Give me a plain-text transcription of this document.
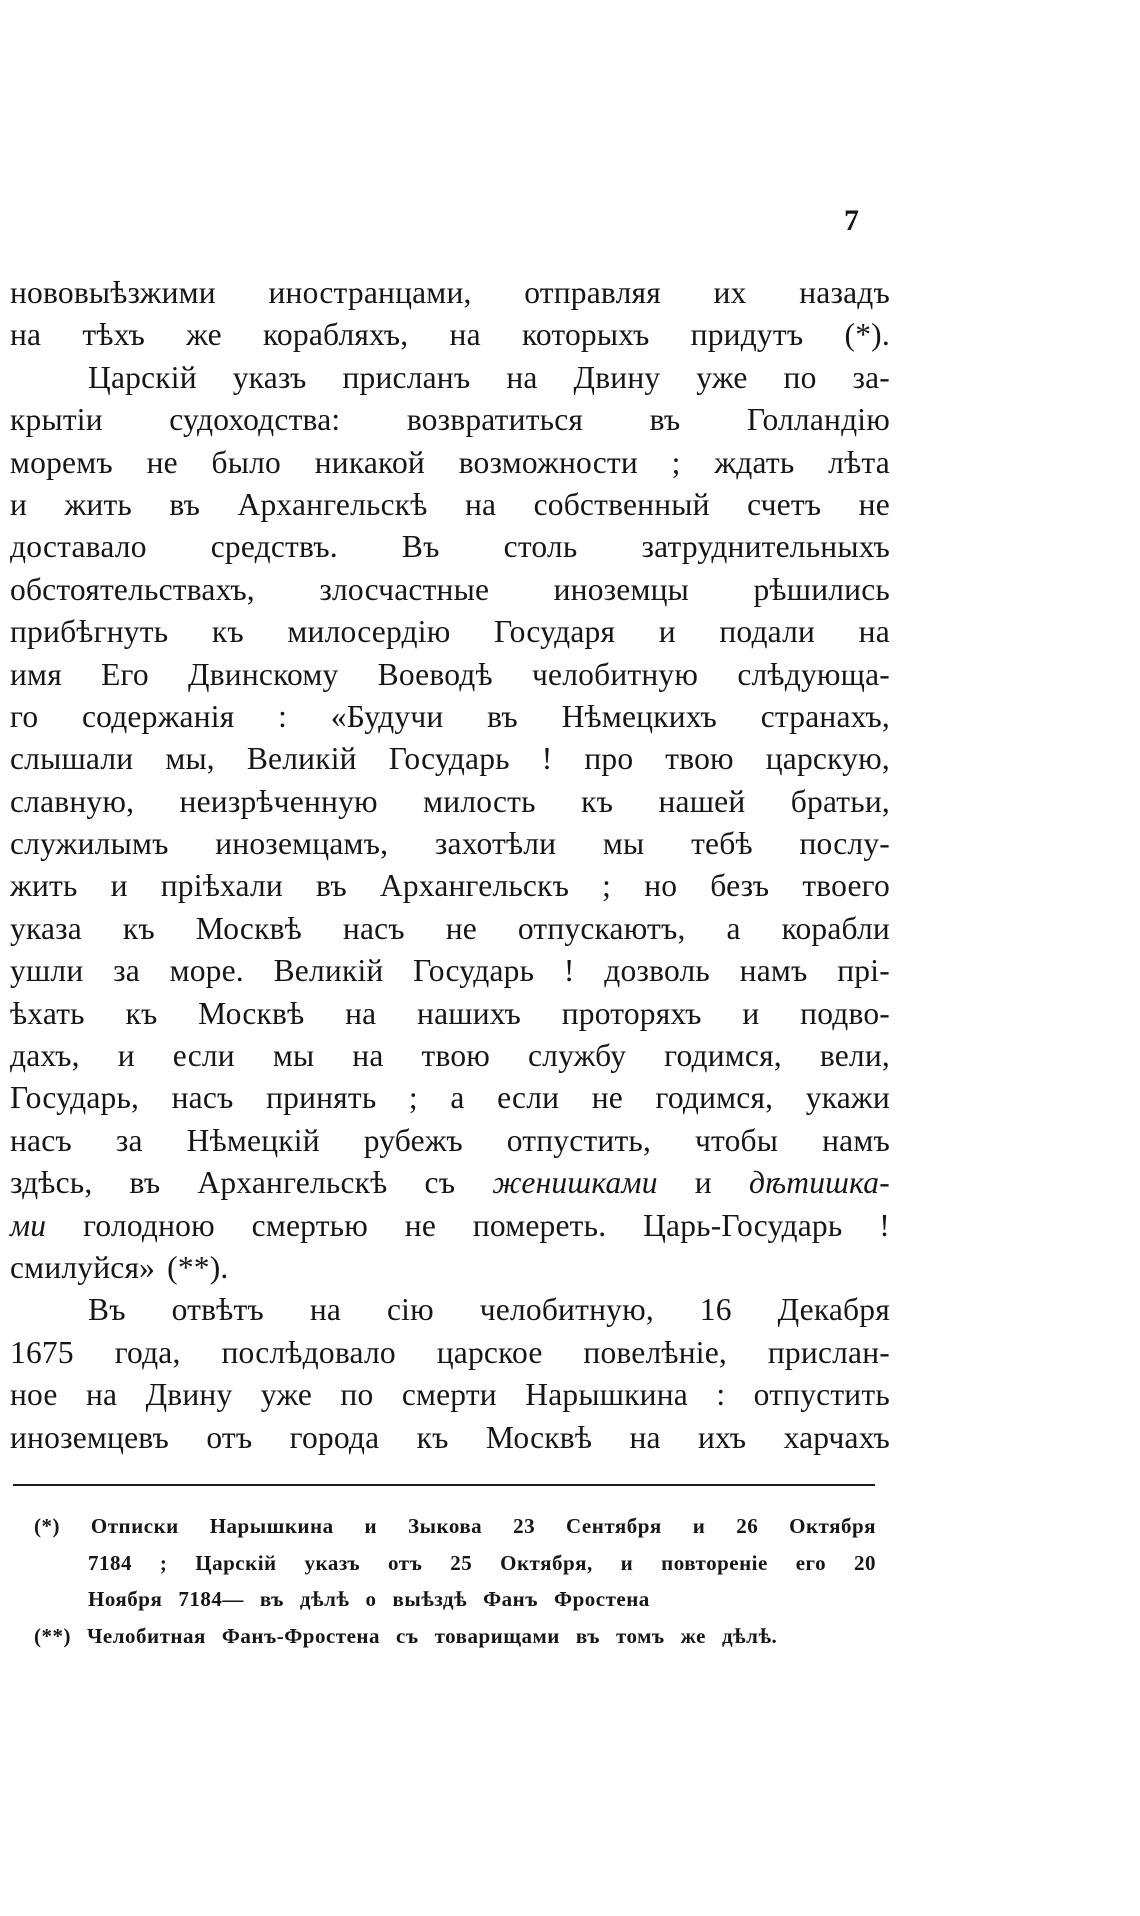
7
нововыѣзжими иностранцами, отправляя их назадъ
на тѣхъ же корабляхъ, на которыхъ придутъ (*).
Царскій указъ присланъ на Двину уже по за-
крытіи судоходства: возвратиться въ Голландію
моремъ не было никакой возможности ; ждать лѣта
и жить въ Архангельскѣ на собственный счетъ не
доставало средствъ. Въ столь затруднительныхъ
обстоятельствахъ, злосчастные иноземцы рѣшились
прибѣгнуть къ милосердію Государя и подали на
имя Его Двинскому Воеводѣ челобитную слѣдующа-
го содержанія : «Будучи въ Нѣмецкихъ странахъ,
слышали мы, Великій Государь ! про твою царскую,
славную, неизрѣченную милость къ нашей братьи,
служилымъ иноземцамъ, захотѣли мы тебѣ послу-
жить и пріѣхали въ Архангельскъ ; но безъ твоего
указа къ Москвѣ насъ не отпускаютъ, а корабли
ушли за море. Великій Государь ! дозволь намъ прі-
ѣхать къ Москвѣ на нашихъ проторяхъ и подво-
дахъ, и если мы на твою службу годимся, вели,
Государь, насъ принять ; а если не годимся, укажи
насъ за Нѣмецкій рубежъ отпустить, чтобы намъ
здѣсь, въ Архангельскѣ съ женишками и дѣтишка-
ми голодною смертью не помереть. Царь-Государь !
смилуйся» (**).
Въ отвѣтъ на сію челобитную, 16 Декабря
1675 года, послѣдовало царское повелѣніе, прислан-
ное на Двину уже по смерти Нарышкина : отпустить
иноземцевъ отъ города къ Москвѣ на ихъ харчахъ
(*) Отписки Нарышкина и Зыкова 23 Сентября и 26 Октября
7184 ; Царскій указъ отъ 25 Октября, и повтореніе его 20
Ноября 7184— въ дѣлѣ о выѣздѣ Фанъ Фростена
(**) Челобитная Фанъ-Фростена съ товарищами въ томъ же дѣлѣ.
